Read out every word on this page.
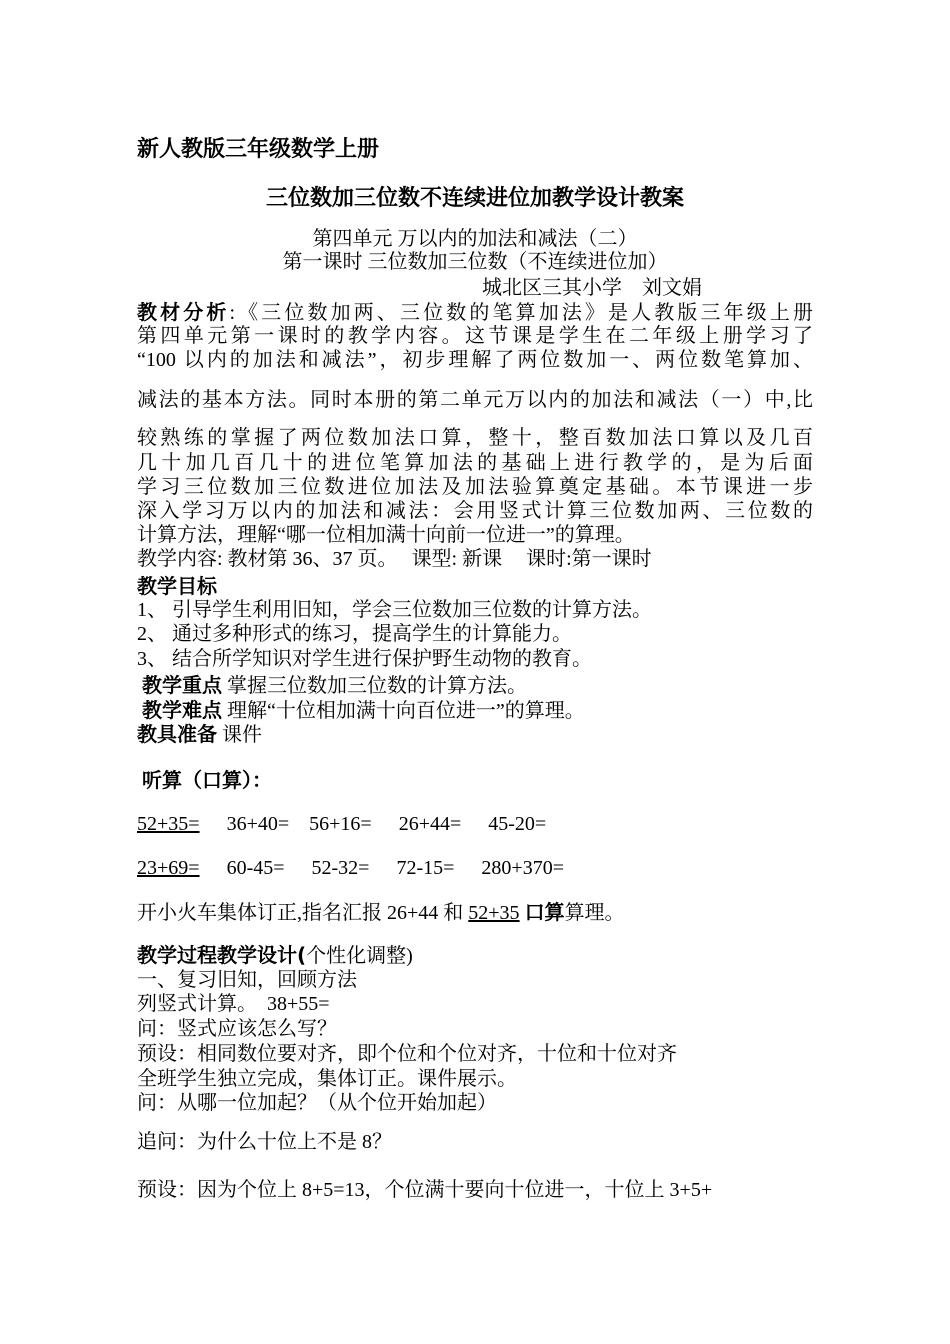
新人教版三年级数学上册
三位数加三位数不连续进位加教学设计教案
第四单元 万以内的加法和减法（二）
第一课时 三位数加三位数（不连续进位加）
城北区三其小学　刘文娟
教材分析:《三位数加两、三位数的笔算加法》是人教版三年级上册
第四单元第一课时的教学内容。这节课是学生在二年级上册学习了
“100 以内的加法和减法”，初步理解了两位数加一、两位数笔算加、
减法的基本方法。同时本册的第二单元万以内的加法和减法（一）中,比
较熟练的掌握了两位数加法口算，整十，整百数加法口算以及几百
几十加几百几十的进位笔算加法的基础上进行教学的，是为后面
学习三位数加三位数进位加法及加法验算奠定基础。本节课进一步
深入学习万以内的加法和减法：会用竖式计算三位数加两、三位数的
计算方法，理解“哪一位相加满十向前一位进一”的算理。
教学内容: 教材第 36、37 页。 课型: 新课 课时:第一课时
教学目标
1、 引导学生利用旧知，学会三位数加三位数的计算方法。
2、 通过多种形式的练习，提高学生的计算能力。
3、 结合所学知识对学生进行保护野生动物的教育。
教学重点 掌握三位数加三位数的计算方法。
教学难点 理解“十位相加满十向百位进一”的算理。
教具准备 课件
听算（口算）：
52+35= 36+40= 56+16= 26+44= 45-20=
23+69= 60-45= 52-32= 72-15= 280+370=
开小火车集体订正,指名汇报 26+44 和 52+35 口算算理。
教学过程教学设计(个性化调整)
一、复习旧知，回顾方法
列竖式计算。　38+55=
问：竖式应该怎么写？
预设：相同数位要对齐，即个位和个位对齐，十位和十位对齐
全班学生独立完成，集体订正。课件展示。
问：从哪一位加起？（从个位开始加起）
追问：为什么十位上不是 8？
预设：因为个位上 8+5=13，个位满十要向十位进一，十位上 3+5+
